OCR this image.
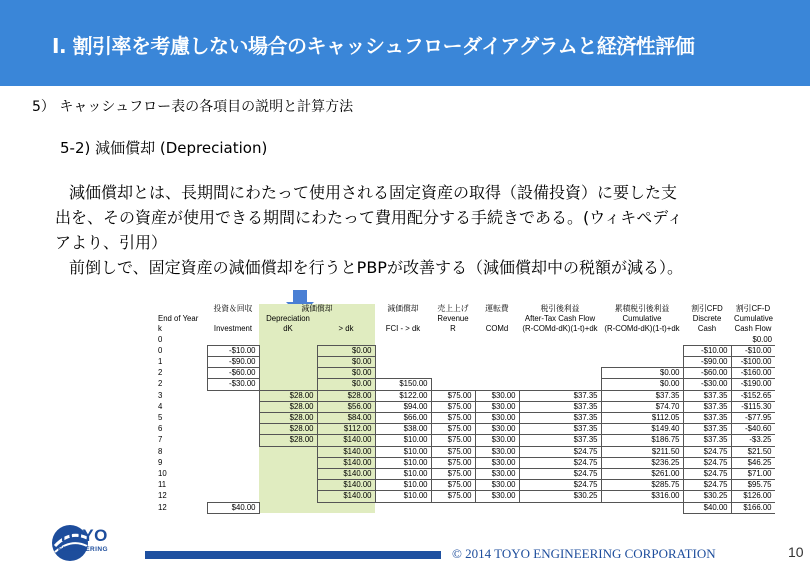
I. 割引率を考慮しない場合のキャッシュフローダイアグラムと経済性評価
5） キャッシュフロー表の各項目の説明と計算方法
5-2) 減価償却 (Depreciation)

減価償却とは、長期間にわたって使用される固定資産の取得（設備投資）に要した支

出を、その資産が使用できる期間にわたって費用配分する手続きである。(ウィキペディ

アより、引用）

前倒しで、固定資産の減価償却を行うとPBPが改善する（減価償却中の税額が減る）。

	投資＆回収	減価償却		減価償却	売上上げ	運転費	税引後利益	累積税引後利益	割引CFD	割引CF-D
End of Year		Depreciation			Revenue		After-Tax Cash Flow	Cumulative	Discrete	Cumulative
k	Investment	dK	> dk	FCI - > dk	R	COMd	(R-COMd-dK)(1-t)+dk	(R-COMd-dK)(1-t)+dk	Cash	Cash Flow
0										$0.00
0	-$10.00		$0.00						-$10.00	-$10.00
1	-$90.00		$0.00						-$90.00	-$100.00
2	-$60.00		$0.00					$0.00	-$60.00	-$160.00
2	-$30.00		$0.00	$150.00				$0.00	-$30.00	-$190.00
3		$28.00	$28.00	$122.00	$75.00	$30.00	$37.35	$37.35	$37.35	-$152.65
4		$28.00	$56.00	$94.00	$75.00	$30.00	$37.35	$74.70	$37.35	-$115.30
5		$28.00	$84.00	$66.00	$75.00	$30.00	$37.35	$112.05	$37.35	-$77.95
6		$28.00	$112.00	$38.00	$75.00	$30.00	$37.35	$149.40	$37.35	-$40.60
7		$28.00	$140.00	$10.00	$75.00	$30.00	$37.35	$186.75	$37.35	-$3.25
8			$140.00	$10.00	$75.00	$30.00	$24.75	$211.50	$24.75	$21.50
9			$140.00	$10.00	$75.00	$30.00	$24.75	$236.25	$24.75	$46.25
10			$140.00	$10.00	$75.00	$30.00	$24.75	$261.00	$24.75	$71.00
11			$140.00	$10.00	$75.00	$30.00	$24.75	$285.75	$24.75	$95.75
12			$140.00	$10.00	$75.00	$30.00	$30.25	$316.00	$30.25	$126.00
12	$40.00								$40.00	$166.00
TOYO
ENGINEERING	© 2014 TOYO ENGINEERING CORPORATION	10
